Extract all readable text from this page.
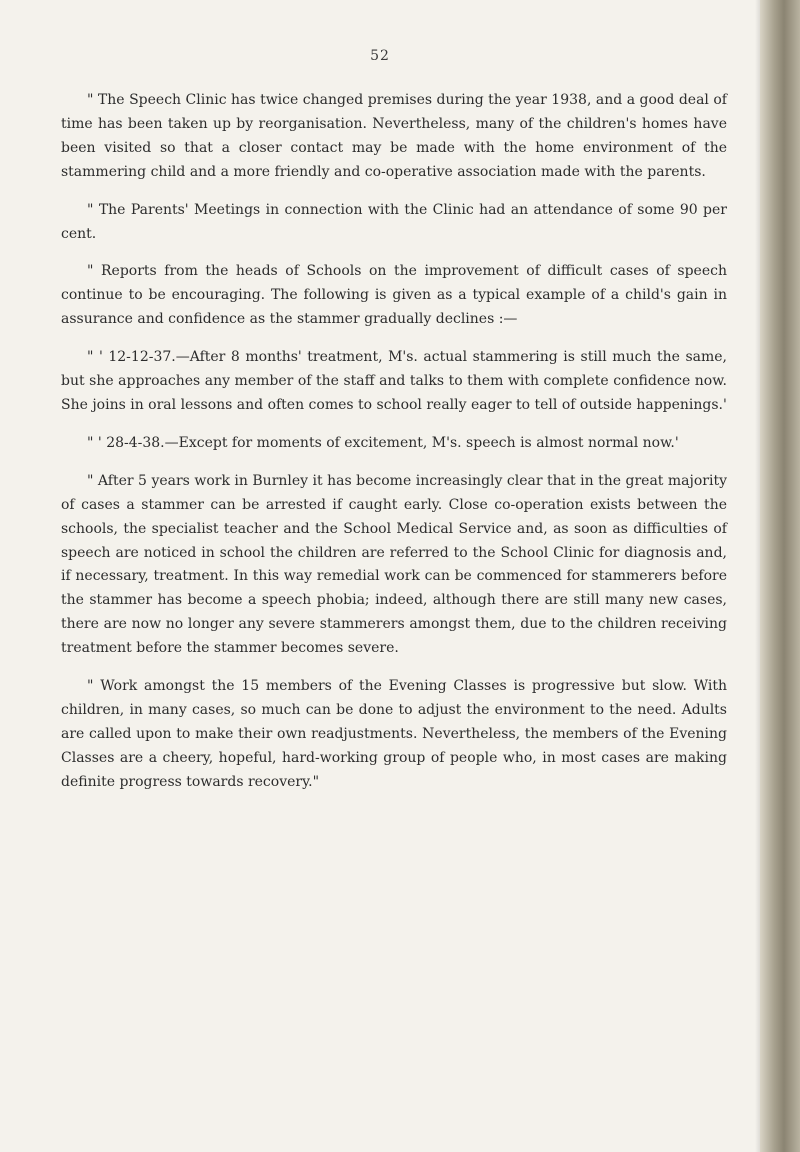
52

" The Speech Clinic has twice changed premises during the year 1938, and a good deal of time has been taken up by reorganisation. Nevertheless, many of the children's homes have been visited so that a closer contact may be made with the home environment of the stammering child and a more friendly and co-operative association made with the parents.

" The Parents' Meetings in connection with the Clinic had an attendance of some 90 per cent.

" Reports from the heads of Schools on the improvement of difficult cases of speech continue to be encouraging. The following is given as a typical example of a child's gain in assurance and confidence as the stammer gradually declines :—

" ' 12-12-37.—After 8 months' treatment, M's. actual stammering is still much the same, but she approaches any member of the staff and talks to them with complete confidence now. She joins in oral lessons and often comes to school really eager to tell of outside happenings.'

" ' 28-4-38.—Except for moments of excitement, M's. speech is almost normal now.'

" After 5 years work in Burnley it has become increasingly clear that in the great majority of cases a stammer can be arrested if caught early. Close co-operation exists between the schools, the specialist teacher and the School Medical Service and, as soon as difficulties of speech are noticed in school the children are referred to the School Clinic for diagnosis and, if necessary, treatment. In this way remedial work can be commenced for stammerers before the stammer has become a speech phobia; indeed, although there are still many new cases, there are now no longer any severe stammerers amongst them, due to the children receiving treatment before the stammer becomes severe.

" Work amongst the 15 members of the Evening Classes is progressive but slow. With children, in many cases, so much can be done to adjust the environment to the need. Adults are called upon to make their own readjustments. Nevertheless, the members of the Evening Classes are a cheery, hopeful, hard-working group of people who, in most cases are making definite progress towards recovery."
